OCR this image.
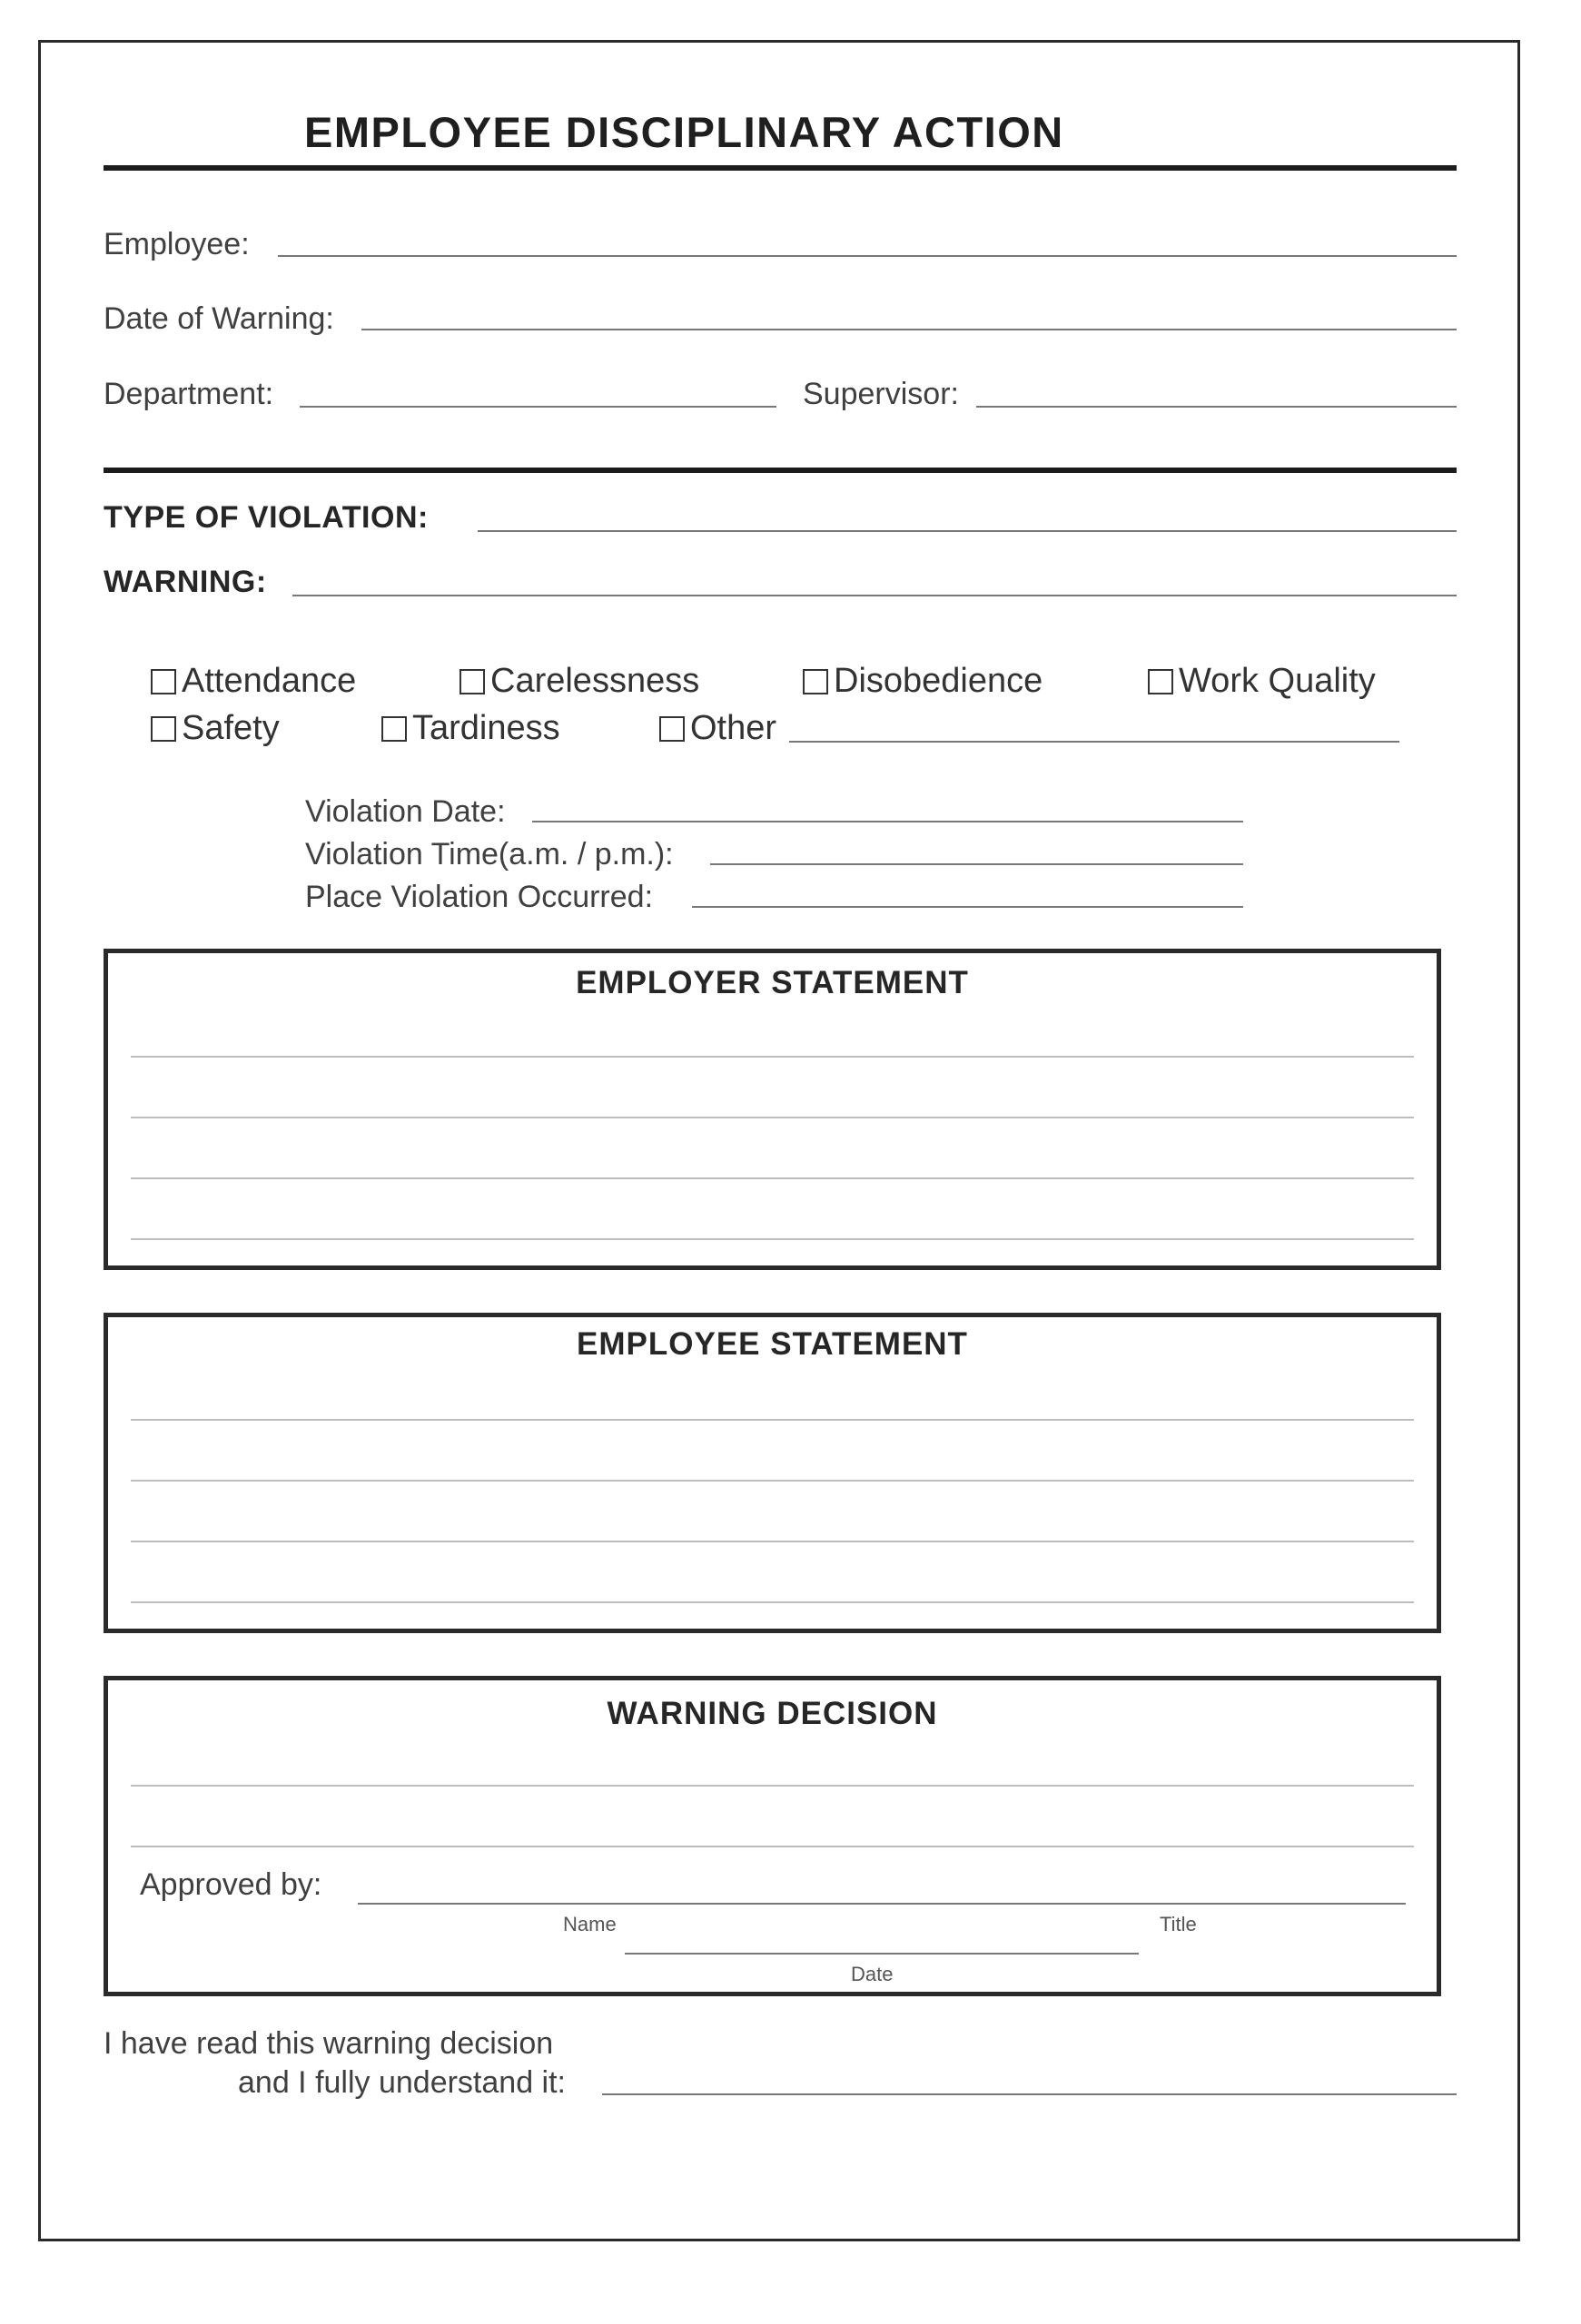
EMPLOYEE DISCIPLINARY ACTION
Employee:
Date of Warning:
Department:	Supervisor:
TYPE OF VIOLATION:
WARNING:
Attendance	Carelessness	Disobedience	Work Quality
Safety	Tardiness	Other
Violation Date:
Violation Time(a.m. / p.m.):
Place Violation Occurred:
EMPLOYER STATEMENT
EMPLOYEE STATEMENT
WARNING DECISION
Approved by:
Name	Title
Date
I have read this warning decision
and I fully understand it:
